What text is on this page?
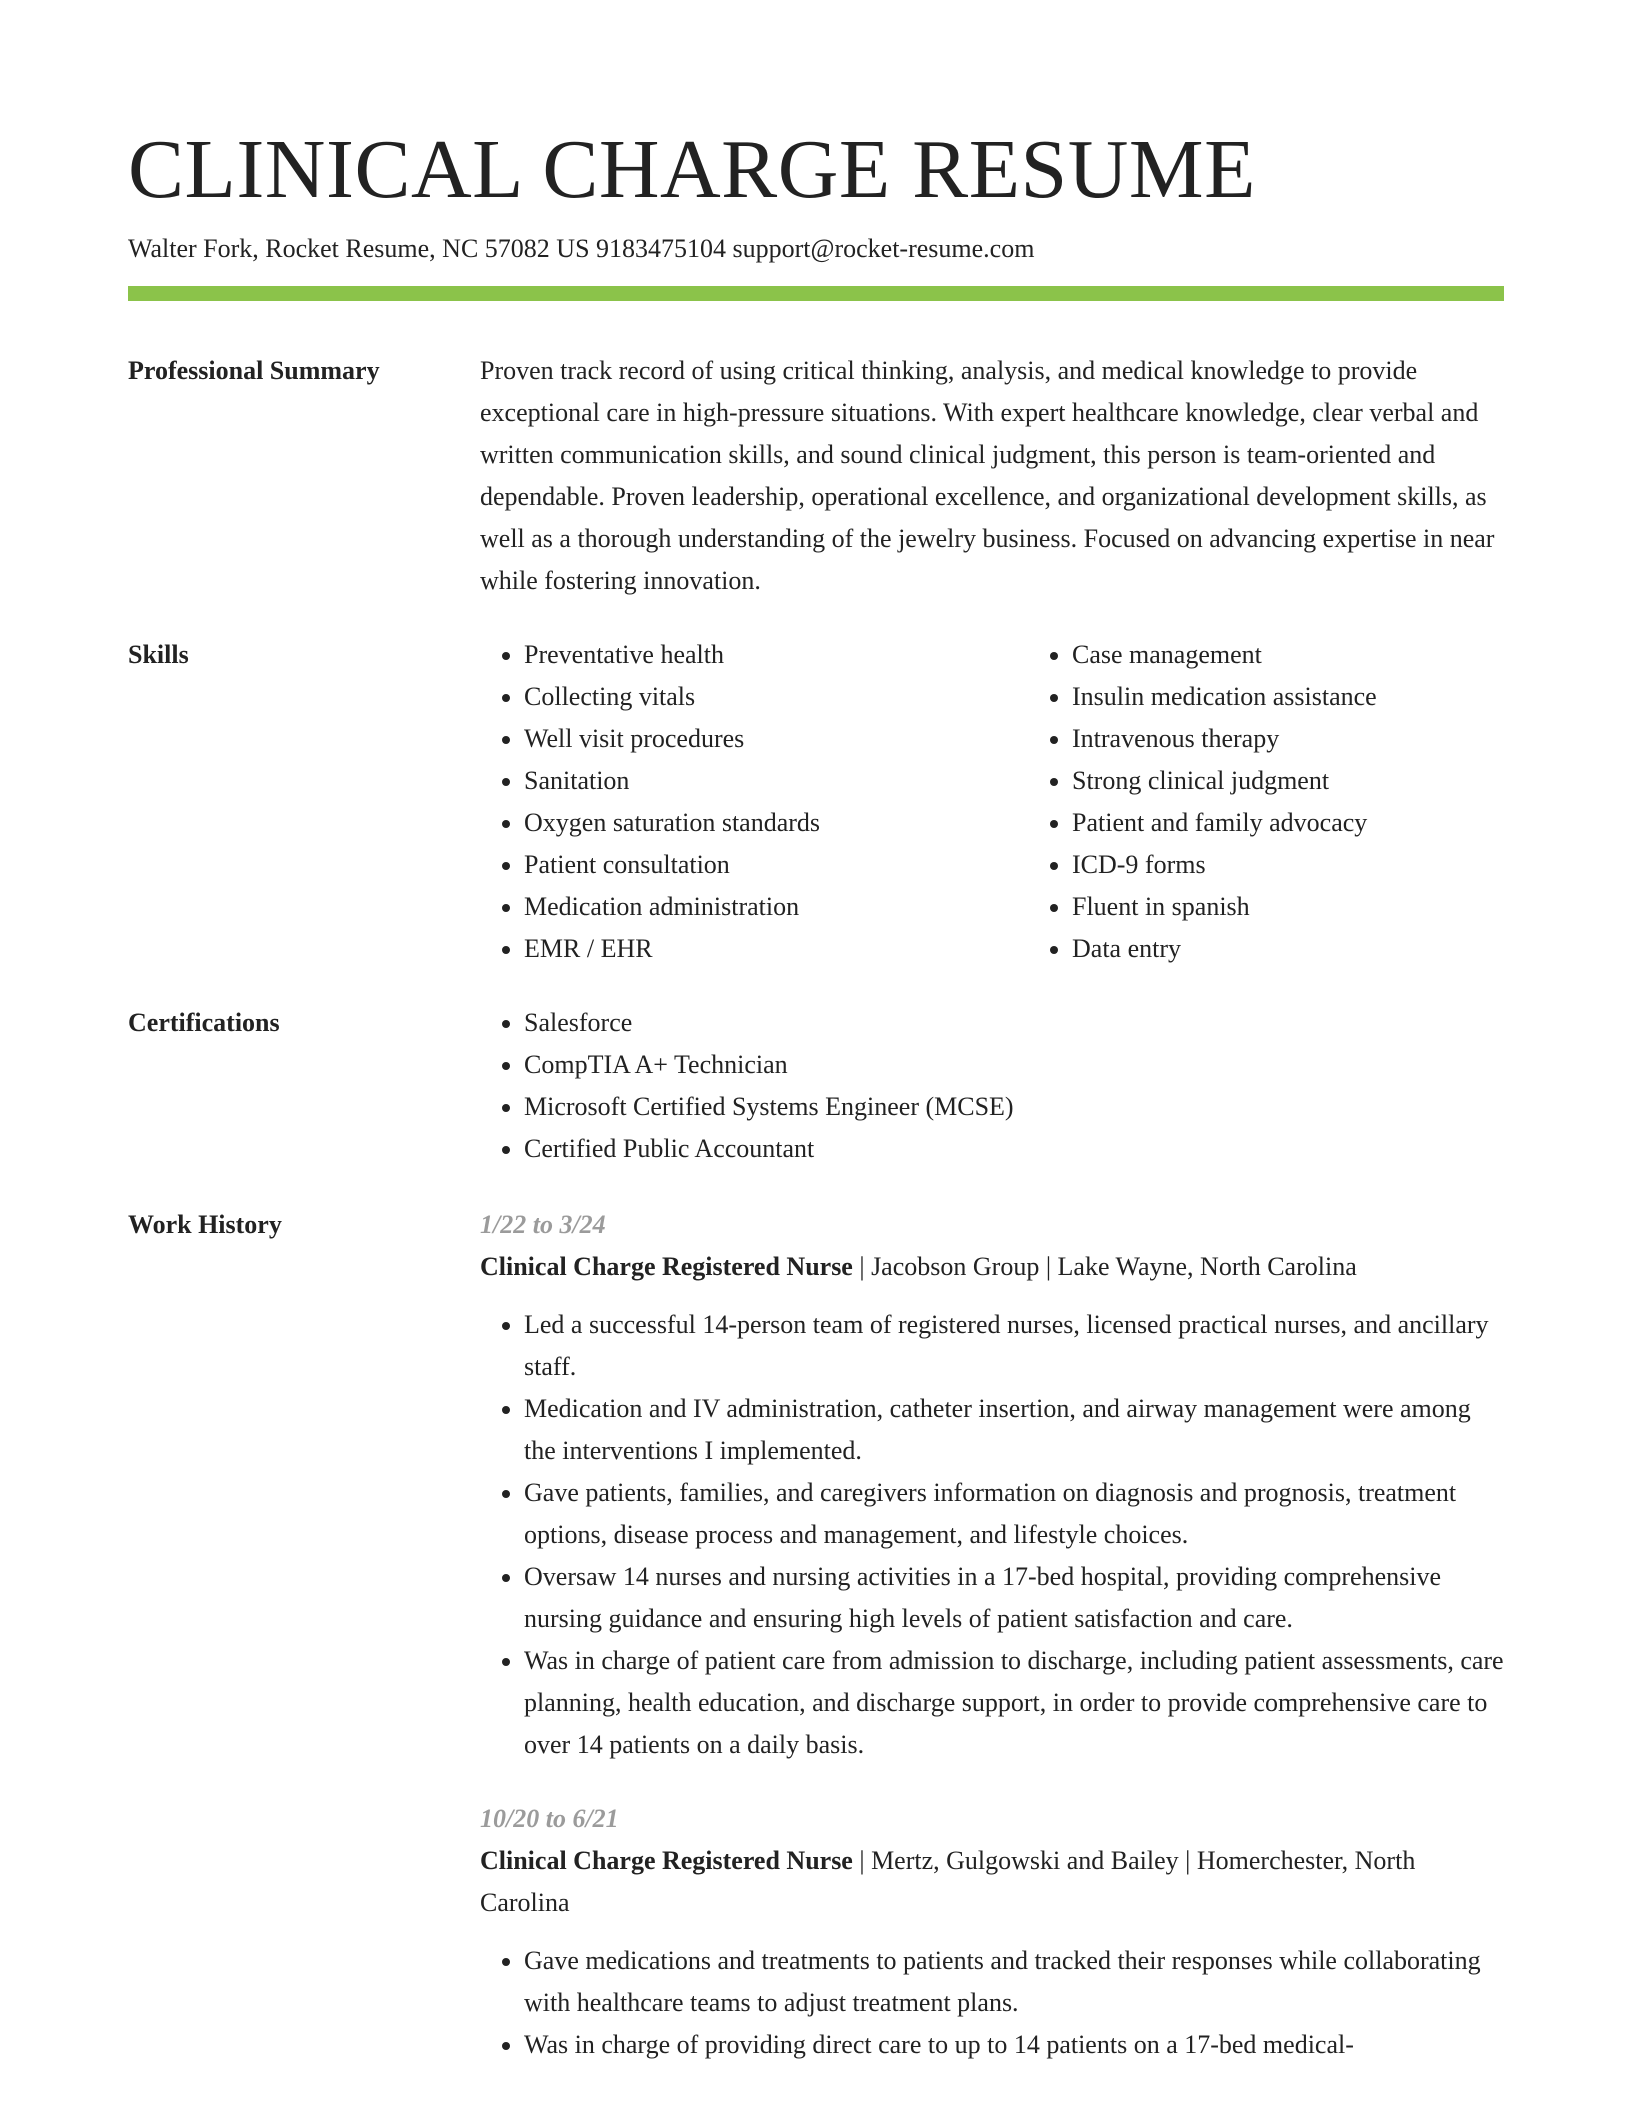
CLINICAL CHARGE RESUME
Walter Fork, Rocket Resume, NC 57082 US 9183475104 support@rocket-resume.com
Professional Summary	Proven track record of using critical thinking, analysis, and medical knowledge to provide exceptional care in high-pressure situations. With expert healthcare knowledge, clear verbal and written communication skills, and sound clinical judgment, this person is team-oriented and dependable. Proven leadership, operational excellence, and organizational development skills, as well as a thorough understanding of the jewelry business. Focused on advancing expertise in near while fostering innovation.
Skills	• Preventative health
• Collecting vitals
• Well visit procedures
• Sanitation
• Oxygen saturation standards
• Patient consultation
• Medication administration
• EMR / EHR
• Case management
• Insulin medication assistance
• Intravenous therapy
• Strong clinical judgment
• Patient and family advocacy
• ICD-9 forms
• Fluent in spanish
• Data entry
Certifications	• Salesforce
• CompTIA A+ Technician
• Microsoft Certified Systems Engineer (MCSE)
• Certified Public Accountant
Work History	1/22 to 3/24
Clinical Charge Registered Nurse | Jacobson Group | Lake Wayne, North Carolina
• Led a successful 14-person team of registered nurses, licensed practical nurses, and ancillary staff.
• Medication and IV administration, catheter insertion, and airway management were among the interventions I implemented.
• Gave patients, families, and caregivers information on diagnosis and prognosis, treatment options, disease process and management, and lifestyle choices.
• Oversaw 14 nurses and nursing activities in a 17-bed hospital, providing comprehensive nursing guidance and ensuring high levels of patient satisfaction and care.
• Was in charge of patient care from admission to discharge, including patient assessments, care planning, health education, and discharge support, in order to provide comprehensive care to over 14 patients on a daily basis.
10/20 to 6/21
Clinical Charge Registered Nurse | Mertz, Gulgowski and Bailey | Homerchester, North Carolina
• Gave medications and treatments to patients and tracked their responses while collaborating with healthcare teams to adjust treatment plans.
• Was in charge of providing direct care to up to 14 patients on a 17-bed medical-
